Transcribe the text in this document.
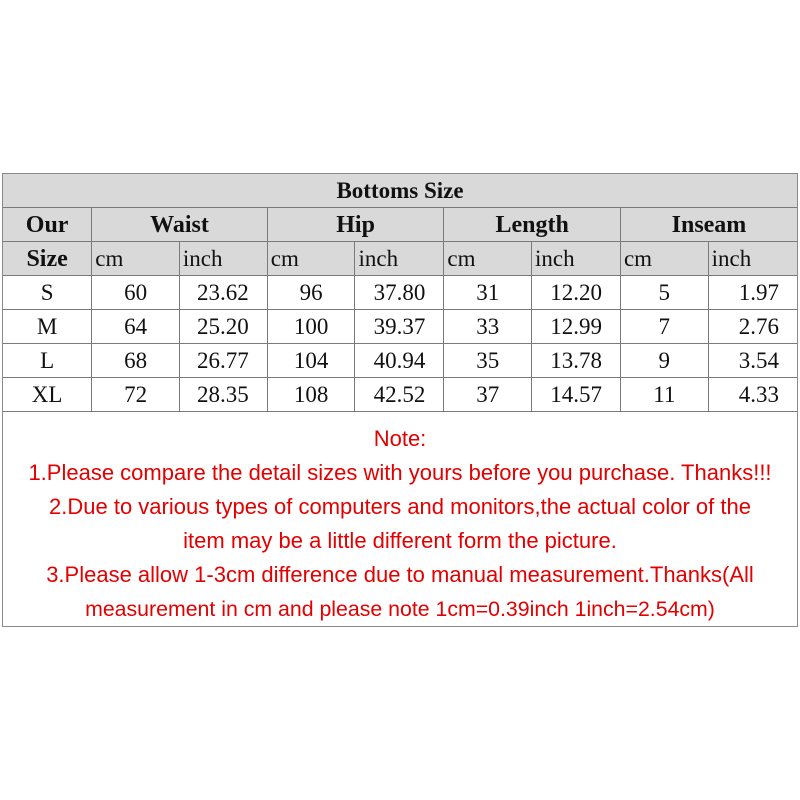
Bottoms Size								
Our	Waist		Hip		Length		Inseam	
Size	cm	inch	cm	inch	cm	inch	cm	inch
S	60	23.62	96	37.80	31	12.20	5	1.97
M	64	25.20	100	39.37	33	12.99	7	2.76
L	68	26.77	104	40.94	35	13.78	9	3.54
XL	72	28.35	108	42.52	37	14.57	11	4.33
Note:
1.Please compare the detail sizes with yours before you purchase. Thanks!!!
2.Due to various types of computers and monitors,the actual color of the
item may be a little different form the picture.
3.Please allow 1-3cm difference due to manual measurement.Thanks(All
measurement in cm and please note 1cm=0.39inch 1inch=2.54cm)
